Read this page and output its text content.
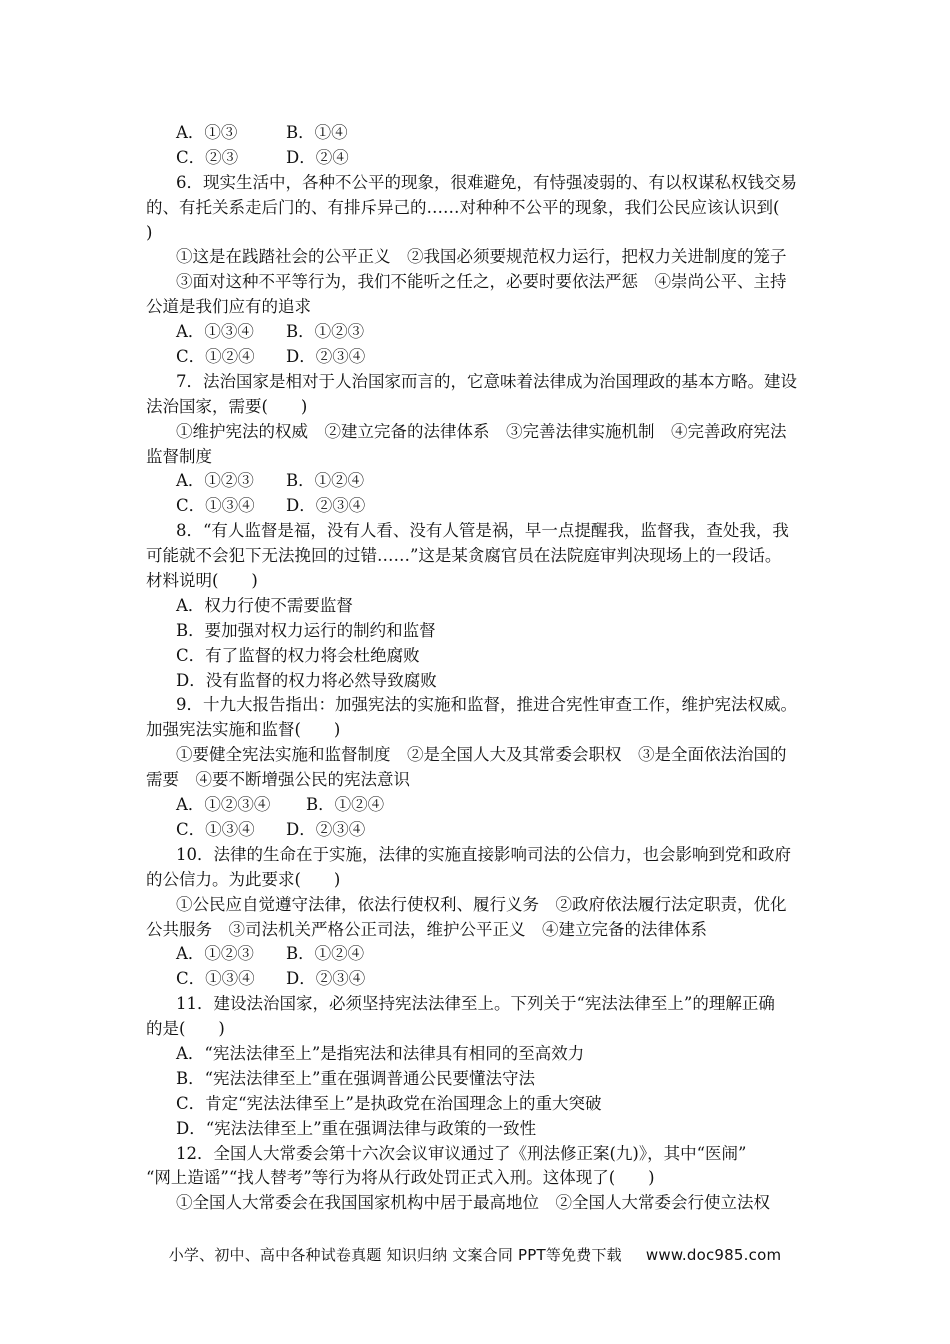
A．①③	B．①④
C．②③	D．②④
6．现实生活中，各种不公平的现象，很难避免，有恃强凌弱的、有以权谋私权钱交易
的、有托关系走后门的、有排斥异己的……对种种不公平的现象，我们公民应该认识到(
)
①这是在践踏社会的公平正义　②我国必须要规范权力运行，把权力关进制度的笼子
③面对这种不平等行为，我们不能听之任之，必要时要依法严惩　④崇尚公平、主持
公道是我们应有的追求
A．①③④ B．①②③
C．①②④ D．②③④
7．法治国家是相对于人治国家而言的，它意味着法律成为治国理政的基本方略。建设
法治国家，需要(　　)
①维护宪法的权威　②建立完备的法律体系　③完善法律实施机制　④完善政府宪法
监督制度
A．①②③ B．①②④
C．①③④ D．②③④
8．“有人监督是福，没有人看、没有人管是祸，早一点提醒我，监督我，查处我，我
可能就不会犯下无法挽回的过错……”这是某贪腐官员在法院庭审判决现场上的一段话。
材料说明(　　)
A．权力行使不需要监督
B．要加强对权力运行的制约和监督
C．有了监督的权力将会杜绝腐败
D．没有监督的权力将必然导致腐败
9．十九大报告指出：加强宪法的实施和监督，推进合宪性审查工作，维护宪法权威。
加强宪法实施和监督(　　)
①要健全宪法实施和监督制度　②是全国人大及其常委会职权　③是全面依法治国的
需要　④要不断增强公民的宪法意识
A．①②③④ B．①②④
C．①③④ D．②③④
10．法律的生命在于实施，法律的实施直接影响司法的公信力，也会影响到党和政府
的公信力。为此要求(　　)
①公民应自觉遵守法律，依法行使权利、履行义务　②政府依法履行法定职责，优化
公共服务　③司法机关严格公正司法，维护公平正义　④建立完备的法律体系
A．①②③ B．①②④
C．①③④ D．②③④
11．建设法治国家，必须坚持宪法法律至上。下列关于“宪法法律至上”的理解正确
的是(　　)
A．“宪法法律至上”是指宪法和法律具有相同的至高效力
B．“宪法法律至上”重在强调普通公民要懂法守法
C．肯定“宪法法律至上”是执政党在治国理念上的重大突破
D．“宪法法律至上”重在强调法律与政策的一致性
12．全国人大常委会第十六次会议审议通过了《刑法修正案(九)》，其中“医闹”
“网上造谣”“找人替考”等行为将从行政处罚正式入刑。这体现了(　　)
①全国人大常委会在我国国家机构中居于最高地位　②全国人大常委会行使立法权
小学、初中、高中各种试卷真题 知识归纳 文案合同 PPT等免费下载 www.doc985.com
